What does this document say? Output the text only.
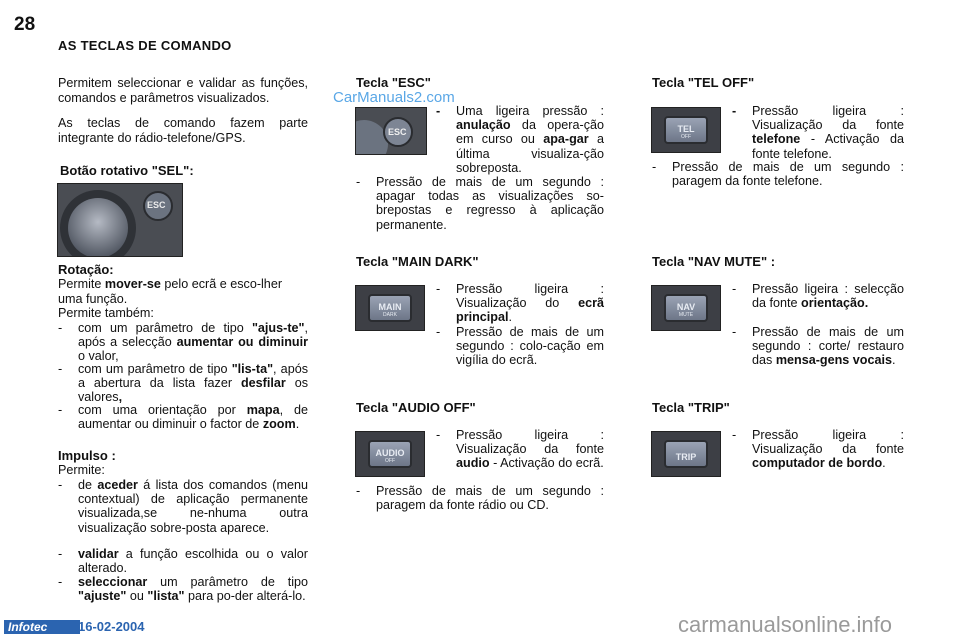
28
AS TECLAS DE COMANDO
CarManuals2.com
Permitem seleccionar e validar as funções, comandos e parâmetros visualizados.
As teclas de comando fazem parte integrante do rádio-telefone/GPS.
Botão rotativo "SEL":
ESC
Rotação:
Permite mover-se pelo ecrã e esco-lher uma função.
Permite também:
- com um parâmetro de tipo "ajus-te", após a selecção aumentar ou diminuir o valor,
- com um parâmetro de tipo "lis-ta", após a abertura da lista fazer desfilar os valores,
- com uma orientação por mapa, de aumentar ou diminuir o factor de zoom.
Impulso :
Permite:
- de aceder á lista dos comandos (menu contextual) de aplicação permanente visualizada,se ne-nhuma outra visualização sobre-posta aparece.
- validar a função escolhida ou o valor alterado.
- seleccionar um parâmetro de tipo "ajuste" ou "lista" para po-der alterá-lo.
Tecla "ESC"
ESC
- Uma ligeira pressão : anulação da opera-ção em curso ou apa-gar a última visualiza-ção sobreposta.
- Pressão de mais de um segundo : apagar todas as visualizações so-brepostas e regresso à aplicação permanente.
Tecla "MAIN DARK"
MAIN
DARK
- Pressão ligeira : Visualização do ecrã principal.
- Pressão de mais de um segundo : colo-cação em vigília do ecrã.
Tecla "AUDIO OFF"
AUDIO
OFF
- Pressão ligeira : Visualização da fonte audio - Activação do ecrã.
- Pressão de mais de um segundo : paragem da fonte rádio ou CD.
Tecla "TEL OFF"
TEL
OFF
- Pressão ligeira : Visualização da fonte telefone - Activação da fonte telefone.
- Pressão de mais de um segundo : paragem da fonte telefone.
Tecla "NAV MUTE" :
NAV
MUTE
- Pressão ligeira : selecção da fonte orientação.
- Pressão de mais de um segundo : corte/ restauro das mensa-gens vocais.
Tecla "TRIP"
TRIP
- Pressão ligeira : Visualização da fonte computador de bordo.
Infotec	16-02-2004	carmanualsonline.info
